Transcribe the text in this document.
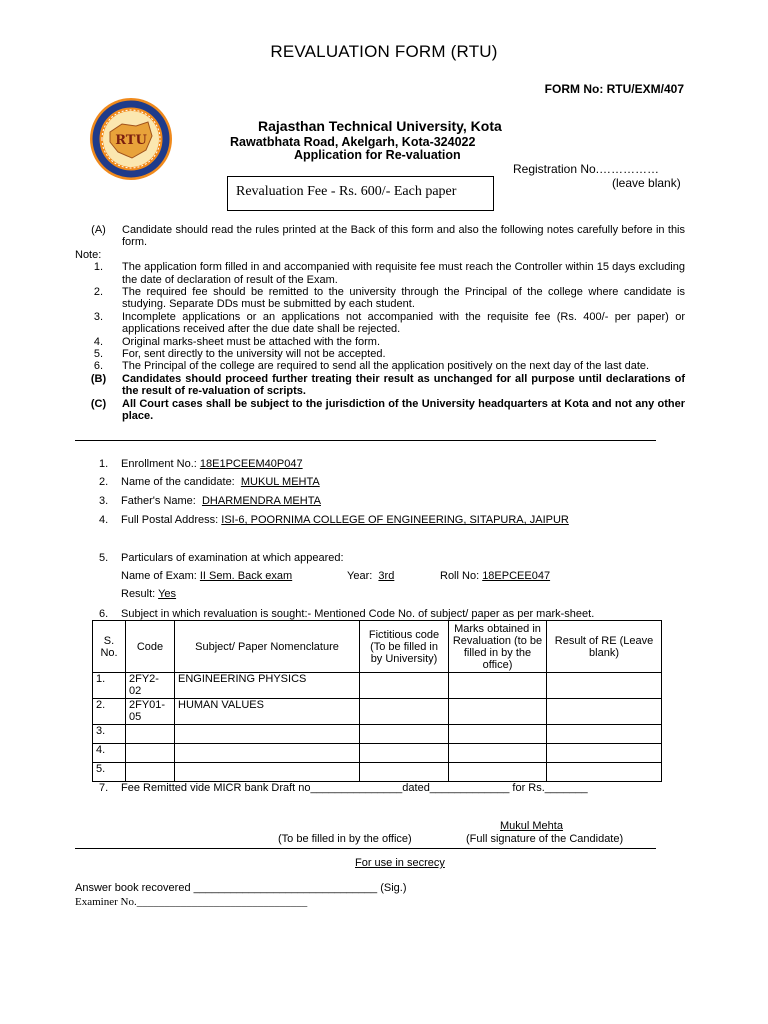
REVALUATION FORM (RTU)
FORM No: RTU/EXM/407
RTU
Rajasthan Technical University, Kota
Rawatbhata Road, Akelgarh, Kota-324022
Application for Re-valuation
Registration No.……………
(leave blank)
Revaluation Fee - Rs. 600/- Each paper
(A)	Candidate should read the rules printed at the Back of this form and also the following notes carefully before in this form.
Note:
1.	The application form filled in and accompanied with requisite fee must reach the Controller within 15 days excluding the date of declaration of result of the Exam.
2.	The required fee should be remitted to the university through the Principal of the college where candidate is studying. Separate DDs must be submitted by each student.
3.	Incomplete applications or an applications not accompanied with the requisite fee (Rs. 400/- per paper) or applications received after the due date shall be rejected.
4.	Original marks-sheet must be attached with the form.
5.	For, sent directly to the university will not be accepted.
6.	The Principal of the college are required to send all the application positively on the next day of the last date.
(B)	Candidates should proceed further treating their result as unchanged for all purpose until declarations of the result of re-valuation of scripts.
(C)	All Court cases shall be subject to the jurisdiction of the University headquarters at Kota and not any other place.
1. Enrollment No.: 18E1PCEEM40P047
2. Name of the candidate: MUKUL MEHTA
3. Father's Name: DHARMENDRA MEHTA
4. Full Postal Address: ISI-6, POORNIMA COLLEGE OF ENGINEERING, SITAPURA, JAIPUR
5. Particulars of examination at which appeared:
Name of Exam: II Sem. Back exam	Year: 3rd	Roll No: 18EPCEE047
Result: Yes
6. Subject in which revaluation is sought:- Mentioned Code No. of subject/ paper as per mark-sheet.
S. No.	Code	Subject/ Paper Nomenclature	Fictitious code (To be filled in by University)	Marks obtained in Revaluation (to be filled in by the office)	Result of RE (Leave blank)
1.	2FY2-02	ENGINEERING PHYSICS			
2.	2FY01-05	HUMAN VALUES			
3.					
4.					
5.					
7. Fee Remitted vide MICR bank Draft no_______________dated_____________ for Rs._______
Mukul Mehta
(To be filled in by the office)	(Full signature of the Candidate)
For use in secrecy
Answer book recovered ______________________________ (Sig.)
Examiner No._______________________________
